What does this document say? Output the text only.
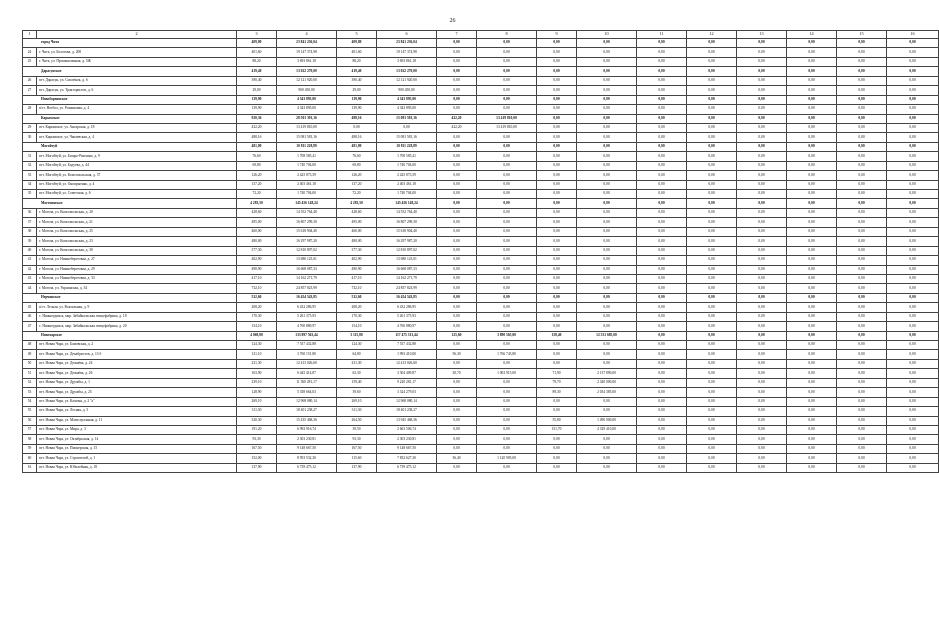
26
1	2	3	4	5	6	7	8	9	10	11	12	13	14	15	16
город Чита		409,80	23 841 236,04	409,80	23 841 236,04	0,00	0,00	0,00	0,00	0,00	0,00	0,00	0,00	0,00	0,00
24	г. Чита, ул. Болотова, д. 208	401,60	19 147 374,98	401,60	19 147 374,98	0,00	0,00	0,00	0,00	0,00	0,00	0,00	0,00	0,00	0,00
25	г. Чита, ул. Промышленная, д. 5Ж	88,20	3 693 861,18	88,20	3 693 861,18	0,00	0,00	0,00	0,00	0,00	0,00	0,00	0,00	0,00	0,00
Дарасунское		419,40	13 022 270,00	419,40	13 022 270,00	0,00	0,00	0,00	0,00	0,00	0,00	0,00	0,00	0,00	0,00
26	пгт. Дарасун, ул. Смолёнок, д. 6	390,40	12 121 920,00	390,40	12 121 920,00	0,00	0,00	0,00	0,00	0,00	0,00	0,00	0,00	0,00	0,00
27	пгт. Дарасун, ул. Трактористов, д. 6	29,00	900 450,00	29,00	900 450,00	0,00	0,00	0,00	0,00	0,00	0,00	0,00	0,00	0,00	0,00
Новоборзинское		139,90	4 343 895,00	139,90	4 343 895,00	0,00	0,00	0,00	0,00	0,00	0,00	0,00	0,00	0,00	0,00
28	п/ст. Ногбол, ул. Рошиновая, д. 4	139,90	4 343 895,00	139,90	4 343 895,00	0,00	0,00	0,00	0,00	0,00	0,00	0,00	0,00	0,00	0,00
Карымское		920,36	28 501 391,16	498,16	15 081 581,16	422,20	13 419 810,00	0,00	0,00	0,00	0,00	0,00	0,00	0,00	0,00
29	пгт. Карымское, ул. Ангарская, д. 18	432,20	13 419 810,00	0,00	0,00	422,20	13 419 810,00	0,00	0,00	0,00	0,00	0,00	0,00	0,00	0,00
30	пгт. Карымское, ул. Чапаевская, д. 4	488,16	15 081 581,16	488,16	15 081 581,16	0,00	0,00	0,00	0,00	0,00	0,00	0,00	0,00	0,00	0,00
Могойтуй		481,80	10 811 228,89	481,80	10 811 228,89	0,00	0,00	0,00	0,00	0,00	0,00	0,00	0,00	0,00	0,00
31	пгт. Могойтуй, ул. Базаро-Ринчино, д. 9	76,60	1 708 585,41	76,60	1 708 585,41	0,00	0,00	0,00	0,00	0,00	0,00	0,00	0,00	0,00	0,00
32	пгт. Могойтуй, ул. Бадуева, д. 44	69,80	1 740 704,00	69,80	1 740 704,00	0,00	0,00	0,00	0,00	0,00	0,00	0,00	0,00	0,00	0,00
33	пгт. Могойтуй, ул. Комсомольская, д. 37	126,20	2 425 873,59	126,20	2 425 873,59	0,00	0,00	0,00	0,00	0,00	0,00	0,00	0,00	0,00	0,00
34	пгт. Могойтуй, ул. Онопрыенко, д. 4	137,20	2 403 461,18	137,20	2 403 461,18	0,00	0,00	0,00	0,00	0,00	0,00	0,00	0,00	0,00	0,00
35	пгт. Могойтуй, ул. Советская, д. 6	72,20	1 740 704,00	72,20	1 740 704,00	0,00	0,00	0,00	0,00	0,00	0,00	0,00	0,00	0,00	0,00
Могочинское		4 283,50	145 456 148,24	4 283,50	145 456 148,24	0,00	0,00	0,00	0,00	0,00	0,00	0,00	0,00	0,00	0,00
36	г. Могоча, ул. Комсомольская, д. 20	428,60	14 552 764,40	428,60	14 552 764,40	0,00	0,00	0,00	0,00	0,00	0,00	0,00	0,00	0,00	0,00
37	г. Могоча, ул. Комсомольская, д. 21	495,00	16 807 299,30	495,00	16 807 299,30	0,00	0,00	0,00	0,00	0,00	0,00	0,00	0,00	0,00	0,00
38	г. Могоча, ул. Комсомольская, д. 25	460,00	15 618 904,40	460,00	15 618 904,40	0,00	0,00	0,00	0,00	0,00	0,00	0,00	0,00	0,00	0,00
39	г. Могоча, ул. Комсомольская, д. 23	480,00	16 297 987,20	480,00	16 297 987,20	0,00	0,00	0,00	0,00	0,00	0,00	0,00	0,00	0,00	0,00
40	г. Могоча, ул. Комсомольская, д. 30	377,30	12 810 897,02	377,30	12 810 897,02	0,00	0,00	0,00	0,00	0,00	0,00	0,00	0,00	0,00	0,00
41	г. Могоча, ул. Нижнебереговая, д. 27	402,90	13 680 123,01	402,90	13 680 123,01	0,00	0,00	0,00	0,00	0,00	0,00	0,00	0,00	0,00	0,00
42	г. Могоча, ул. Нижнебереговая, д. 29	490,90	16 668 087,33	490,90	16 668 087,33	0,00	0,00	0,00	0,00	0,00	0,00	0,00	0,00	0,00	0,00
43	г. Могоча, ул. Нижнебереговая, д. 33	417,10	14 162 271,79	417,10	14 162 271,79	0,00	0,00	0,00	0,00	0,00	0,00	0,00	0,00	0,00	0,00
44	г. Могоча, ул. Украинская, д. 34	732,10	24 857 823,99	732,10	24 857 823,99	0,00	0,00	0,00	0,00	0,00	0,00	0,00	0,00	0,00	0,00
Нерчинское		532,60	16 454 543,85	532,60	16 454 543,85	0,00	0,00	0,00	0,00	0,00	0,00	0,00	0,00	0,00	0,00
45	п/ст. Лесная, ул. Вокзальная, д. 9	208,20	6 432 286,95	208,20	6 432 286,95	0,00	0,00	0,00	0,00	0,00	0,00	0,00	0,00	0,00	0,00
46	с. Нижнеудинск, мкр. Забайкальская птицефабрика, д. 18	170,30	5 261 375,93	170,30	5 261 375,93	0,00	0,00	0,00	0,00	0,00	0,00	0,00	0,00	0,00	0,00
47	с. Нижнеудинск, мкр. Забайкальская птицефабрика, д. 20	154,10	4 760 880,97	154,10	4 760 880,97	0,00	0,00	0,00	0,00	0,00	0,00	0,00	0,00	0,00	0,00
Новочарское		4 069,80	133 897 563,44	3 115,80	117 475 313,44	125,60	3 890 565,00	158,40	12 531 685,00	0,00	0,00	0,00	0,00	0,00	0,00
48	пгт. Новая Чара, ул. Бамовская, д. 2	124,30	7 537 432,88	124,30	7 537 432,88	0,00	0,00	0,00	0,00	0,00	0,00	0,00	0,00	0,00	0,00
49	пгт. Новая Чара, ул. Декабристов, д. 13 б	121,10	3 760 151,80	64,80	1 993 410,00	56,30	1 766 743,80	0,00	0,00	0,00	0,00	0,00	0,00	0,00	0,00
50	пгт. Новая Чара, ул. Дежнёва, д. 24	231,30	12 413 026,60	231,30	12 413 026,60	0,00	0,00	0,00	0,00	0,00	0,00	0,00	0,00	0,00	0,00
51	пгт. Новая Чара, ул. Дежнёва, д. 26	163,90	6 445 414,87	63,30	3 304 409,87	30,70	1 002 915,00	71,90	2 137 890,00	0,00	0,00	0,00	0,00	0,00	0,00
52	пгт. Новая Чара, ул. Дружбы, д. 1	239,10	11 560 281,17	159,40	9 220 281,17	0,00	0,00	79,70	2 340 000,00	0,00	0,00	0,00	0,00	0,00	0,00
53	пгт. Новая Чара, ул. Дружбы, д. 25	128,90	5 358 664,03	39,60	3 324 279,03	0,00	0,00	89,30	2 034 385,00	0,00	0,00	0,00	0,00	0,00	0,00
54	пгт. Новая Чара, ул. Казачья, д. 2 "а"	269,10	12 968 080,14	269,10	12 968 080,14	0,00	0,00	0,00	0,00	0,00	0,00	0,00	0,00	0,00	0,00
55	пгт. Новая Чара, ул. Лесная, д. 5	311,30	18 401 238,27	311,30	18 401 238,27	0,00	0,00	0,00	0,00	0,00	0,00	0,00	0,00	0,00	0,00
56	пгт. Новая Чара, ул. Магистральная, д. 11	320,30	15 435 468,36	264,50	13 945 468,36	0,00	0,00	55,80	1 490 000,00	0,00	0,00	0,00	0,00	0,00	0,00
57	пгт. Новая Чара, ул. Мира, д. 3	191,20	6 992 916,74	39,50	2 663 506,74	0,00	0,00	151,70	4 329 410,00	0,00	0,00	0,00	0,00	0,00	0,00
58	пгт. Новая Чара, ул. Октябрьская, д. 14	93,30	2 303 230,81	93,30	2 303 230,81	0,00	0,00	0,00	0,00	0,00	0,00	0,00	0,00	0,00	0,00
59	пгт. Новая Чара, ул. Пионерская, д. 15	167,50	9 148 667,50	167,50	9 148 667,50	0,00	0,00	0,00	0,00	0,00	0,00	0,00	0,00	0,00	0,00
60	пгт. Новая Чара, ул. Строителей, д. 1	152,00	8 953 532,30	115,60	7 832 627,30	36,40	1 120 905,00	0,00	0,00	0,00	0,00	0,00	0,00	0,00	0,00
61	пгт. Новая Чара, ул. Юбилейная, д. 18	137,90	6 739 475,12	137,90	6 739 475,12	0,00	0,00	0,00	0,00	0,00	0,00	0,00	0,00	0,00	0,00
